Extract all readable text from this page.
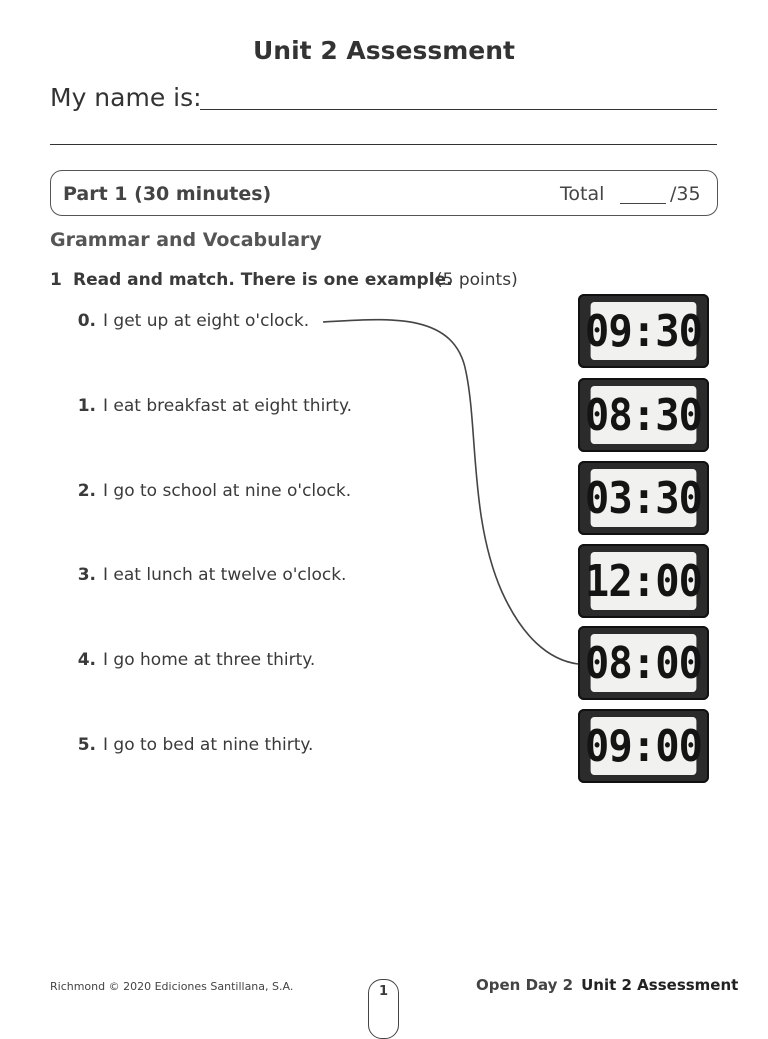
Unit 2 Assessment
My name is:
Part 1 (30 minutes)	Total	/35
Grammar and Vocabulary
1 Read and match. There is one example.
(5 points)
0. I get up at eight o'clock.
1. I eat breakfast at eight thirty.
2. I go to school at nine o'clock.
3. I eat lunch at twelve o'clock.
4. I go home at three thirty.
5. I go to bed at nine thirty.
09:30
08:30
03:30
12:00
08:00
09:00
Richmond © 2020 Ediciones Santillana, S.A.	1	Open Day 2 Unit 2 Assessment
